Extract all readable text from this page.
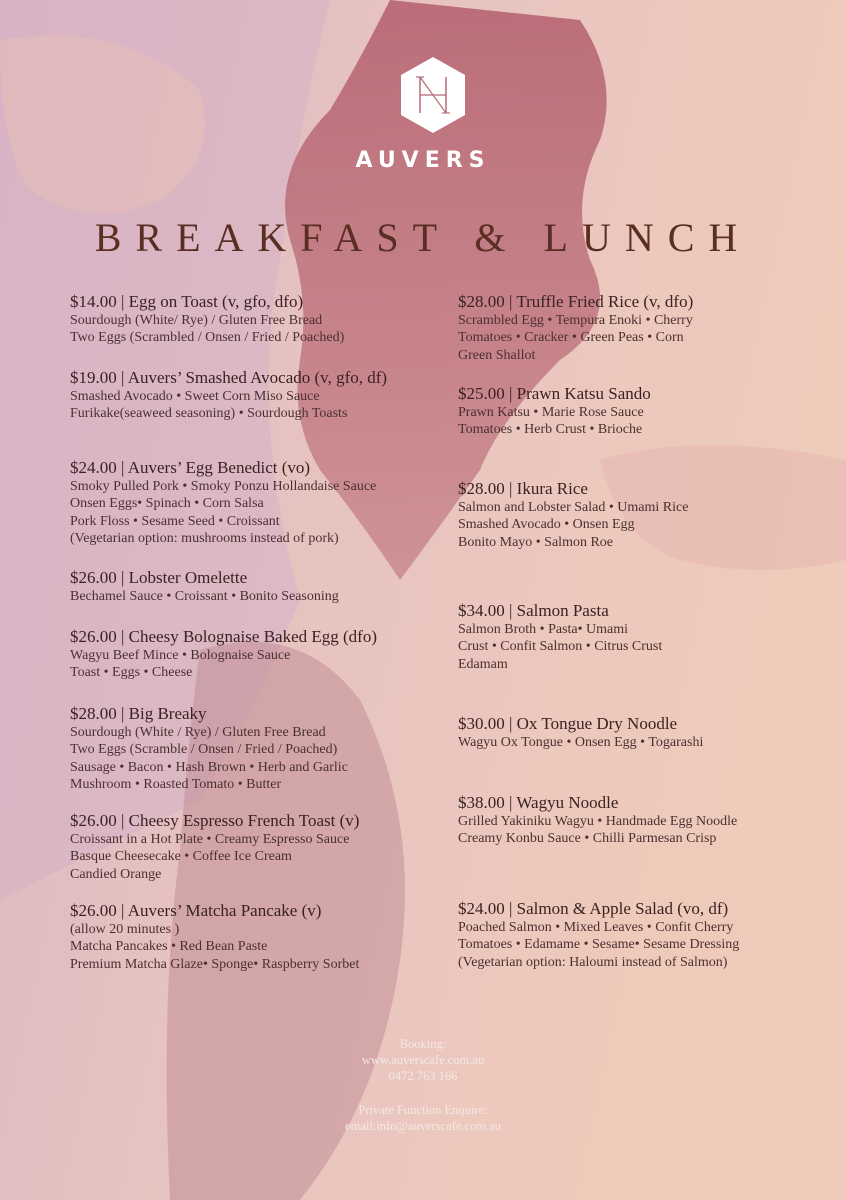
AUVERS
BREAKFAST & LUNCH
$14.00 | Egg on Toast (v, gfo, dfo)
Sourdough (White/ Rye) / Gluten Free Bread
Two Eggs (Scrambled / Onsen / Fried / Poached)
$19.00 | Auvers’ Smashed Avocado (v, gfo, df)
Smashed Avocado • Sweet Corn Miso Sauce
Furikake(seaweed seasoning) • Sourdough Toasts
$24.00 | Auvers’ Egg Benedict (vo)
Smoky Pulled Pork • Smoky Ponzu Hollandaise Sauce
Onsen Eggs• Spinach • Corn Salsa
Pork Floss • Sesame Seed • Croissant
(Vegetarian option: mushrooms instead of pork)
$26.00 | Lobster Omelette
Bechamel Sauce • Croissant • Bonito Seasoning
$26.00 | Cheesy Bolognaise Baked Egg (dfo)
Wagyu Beef Mince • Bolognaise Sauce
Toast • Eggs • Cheese
$28.00 | Big Breaky
Sourdough (White / Rye) / Gluten Free Bread
Two Eggs (Scramble / Onsen / Fried / Poached)
Sausage • Bacon • Hash Brown • Herb and Garlic
Mushroom • Roasted Tomato • Butter
$26.00 | Cheesy Espresso French Toast (v)
Croissant in a Hot Plate • Creamy Espresso Sauce
Basque Cheesecake • Coffee Ice Cream
Candied Orange
$26.00 | Auvers’ Matcha Pancake (v)
(allow 20 minutes )
Matcha Pancakes • Red Bean Paste
Premium Matcha Glaze• Sponge• Raspberry Sorbet
$28.00 | Truffle Fried Rice (v, dfo)
Scrambled Egg • Tempura Enoki • Cherry
Tomatoes • Cracker • Green Peas • Corn
Green Shallot
$25.00 | Prawn Katsu Sando
Prawn Katsu • Marie Rose Sauce
Tomatoes • Herb Crust • Brioche
$28.00 | Ikura Rice
Salmon and Lobster Salad • Umami Rice
Smashed Avocado • Onsen Egg
Bonito Mayo • Salmon Roe
$34.00 | Salmon Pasta
Salmon Broth • Pasta• Umami
Crust • Confit Salmon • Citrus Crust
Edamam
$30.00 | Ox Tongue Dry Noodle
Wagyu Ox Tongue • Onsen Egg • Togarashi
$38.00 | Wagyu Noodle
Grilled Yakiniku Wagyu • Handmade Egg Noodle
Creamy Konbu Sauce • Chilli Parmesan Crisp
$24.00 | Salmon & Apple Salad (vo, df)
Poached Salmon • Mixed Leaves • Confit Cherry
Tomatoes • Edamame • Sesame• Sesame Dressing
(Vegetarian option: Haloumi instead of Salmon)
Booking:
www.auverscafe.com.au
0472 763 166
Private Function Enquire:
email:info@auverscafe.com.au
